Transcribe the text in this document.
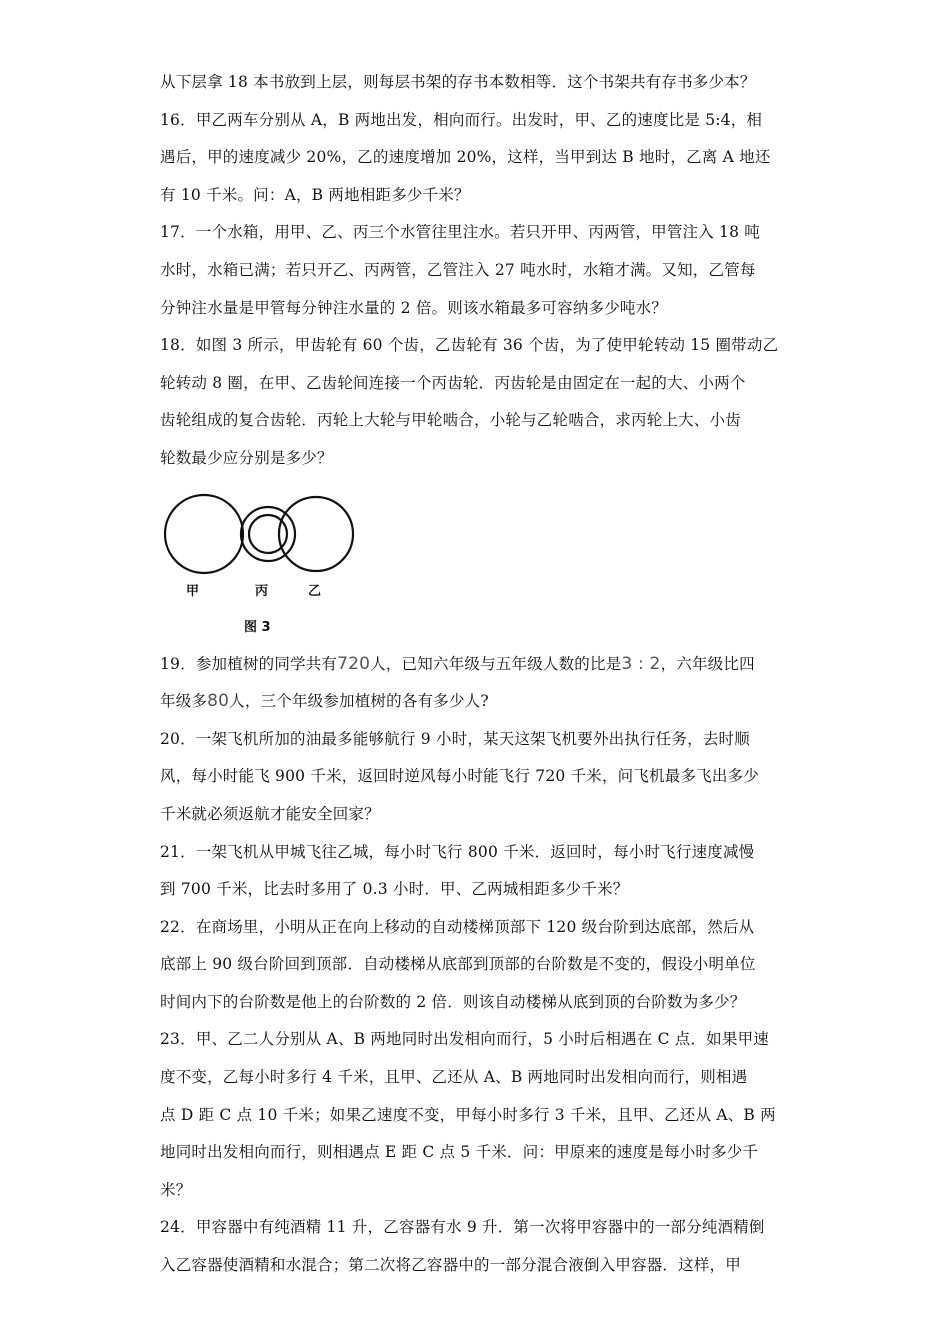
从下层拿 18 本书放到上层，则每层书架的存书本数相等．这个书架共有存书多少本？
16．甲乙两车分别从 A，B 两地出发，相向而行。出发时，甲、乙的速度比是 5:4，相
遇后，甲的速度减少 20%，乙的速度增加 20%，这样，当甲到达 B 地时，乙离 A 地还
有 10 千米。问：A，B 两地相距多少千米？
17．一个水箱，用甲、乙、丙三个水管往里注水。若只开甲、丙两管，甲管注入 18 吨
水时，水箱已满；若只开乙、丙两管，乙管注入 27 吨水时，水箱才满。又知，乙管每
分钟注水量是甲管每分钟注水量的 2 倍。则该水箱最多可容纳多少吨水？
18．如图 3 所示，甲齿轮有 60 个齿，乙齿轮有 36 个齿，为了使甲轮转动 15 圈带动乙
轮转动 8 圈，在甲、乙齿轮间连接一个丙齿轮．丙齿轮是由固定在一起的大、小两个
齿轮组成的复合齿轮．丙轮上大轮与甲轮啮合，小轮与乙轮啮合，求丙轮上大、小齿
轮数最少应分别是多少？
甲	丙	乙
图 3
19．参加植树的同学共有720人，已知六年级与五年级人数的比是3 : 2，六年级比四
年级多80人，三个年级参加植树的各有多少人?
20．一架飞机所加的油最多能够航行 9 小时，某天这架飞机要外出执行任务，去时顺
风，每小时能飞 900 千米，返回时逆风每小时能飞行 720 千米，问飞机最多飞出多少
千米就必须返航才能安全回家？
21．一架飞机从甲城飞往乙城，每小时飞行 800 千米．返回时，每小时飞行速度减慢
到 700 千米，比去时多用了 0.3 小时．甲、乙两城相距多少千米？
22．在商场里，小明从正在向上移动的自动楼梯顶部下 120 级台阶到达底部，然后从
底部上 90 级台阶回到顶部．自动楼梯从底部到顶部的台阶数是不变的，假设小明单位
时间内下的台阶数是他上的台阶数的 2 倍．则该自动楼梯从底到顶的台阶数为多少？
23．甲、乙二人分别从 A、B 两地同时出发相向而行，5 小时后相遇在 C 点．如果甲速
度不变，乙每小时多行 4 千米，且甲、乙还从 A、B 两地同时出发相向而行，则相遇
点 D 距 C 点 10 千米；如果乙速度不变，甲每小时多行 3 千米，且甲、乙还从 A、B 两
地同时出发相向而行，则相遇点 E 距 C 点 5 千米．问：甲原来的速度是每小时多少千
米？
24．甲容器中有纯酒精 11 升，乙容器有水 9 升．第一次将甲容器中的一部分纯酒精倒
入乙容器使酒精和水混合；第二次将乙容器中的一部分混合液倒入甲容器．这样，甲
